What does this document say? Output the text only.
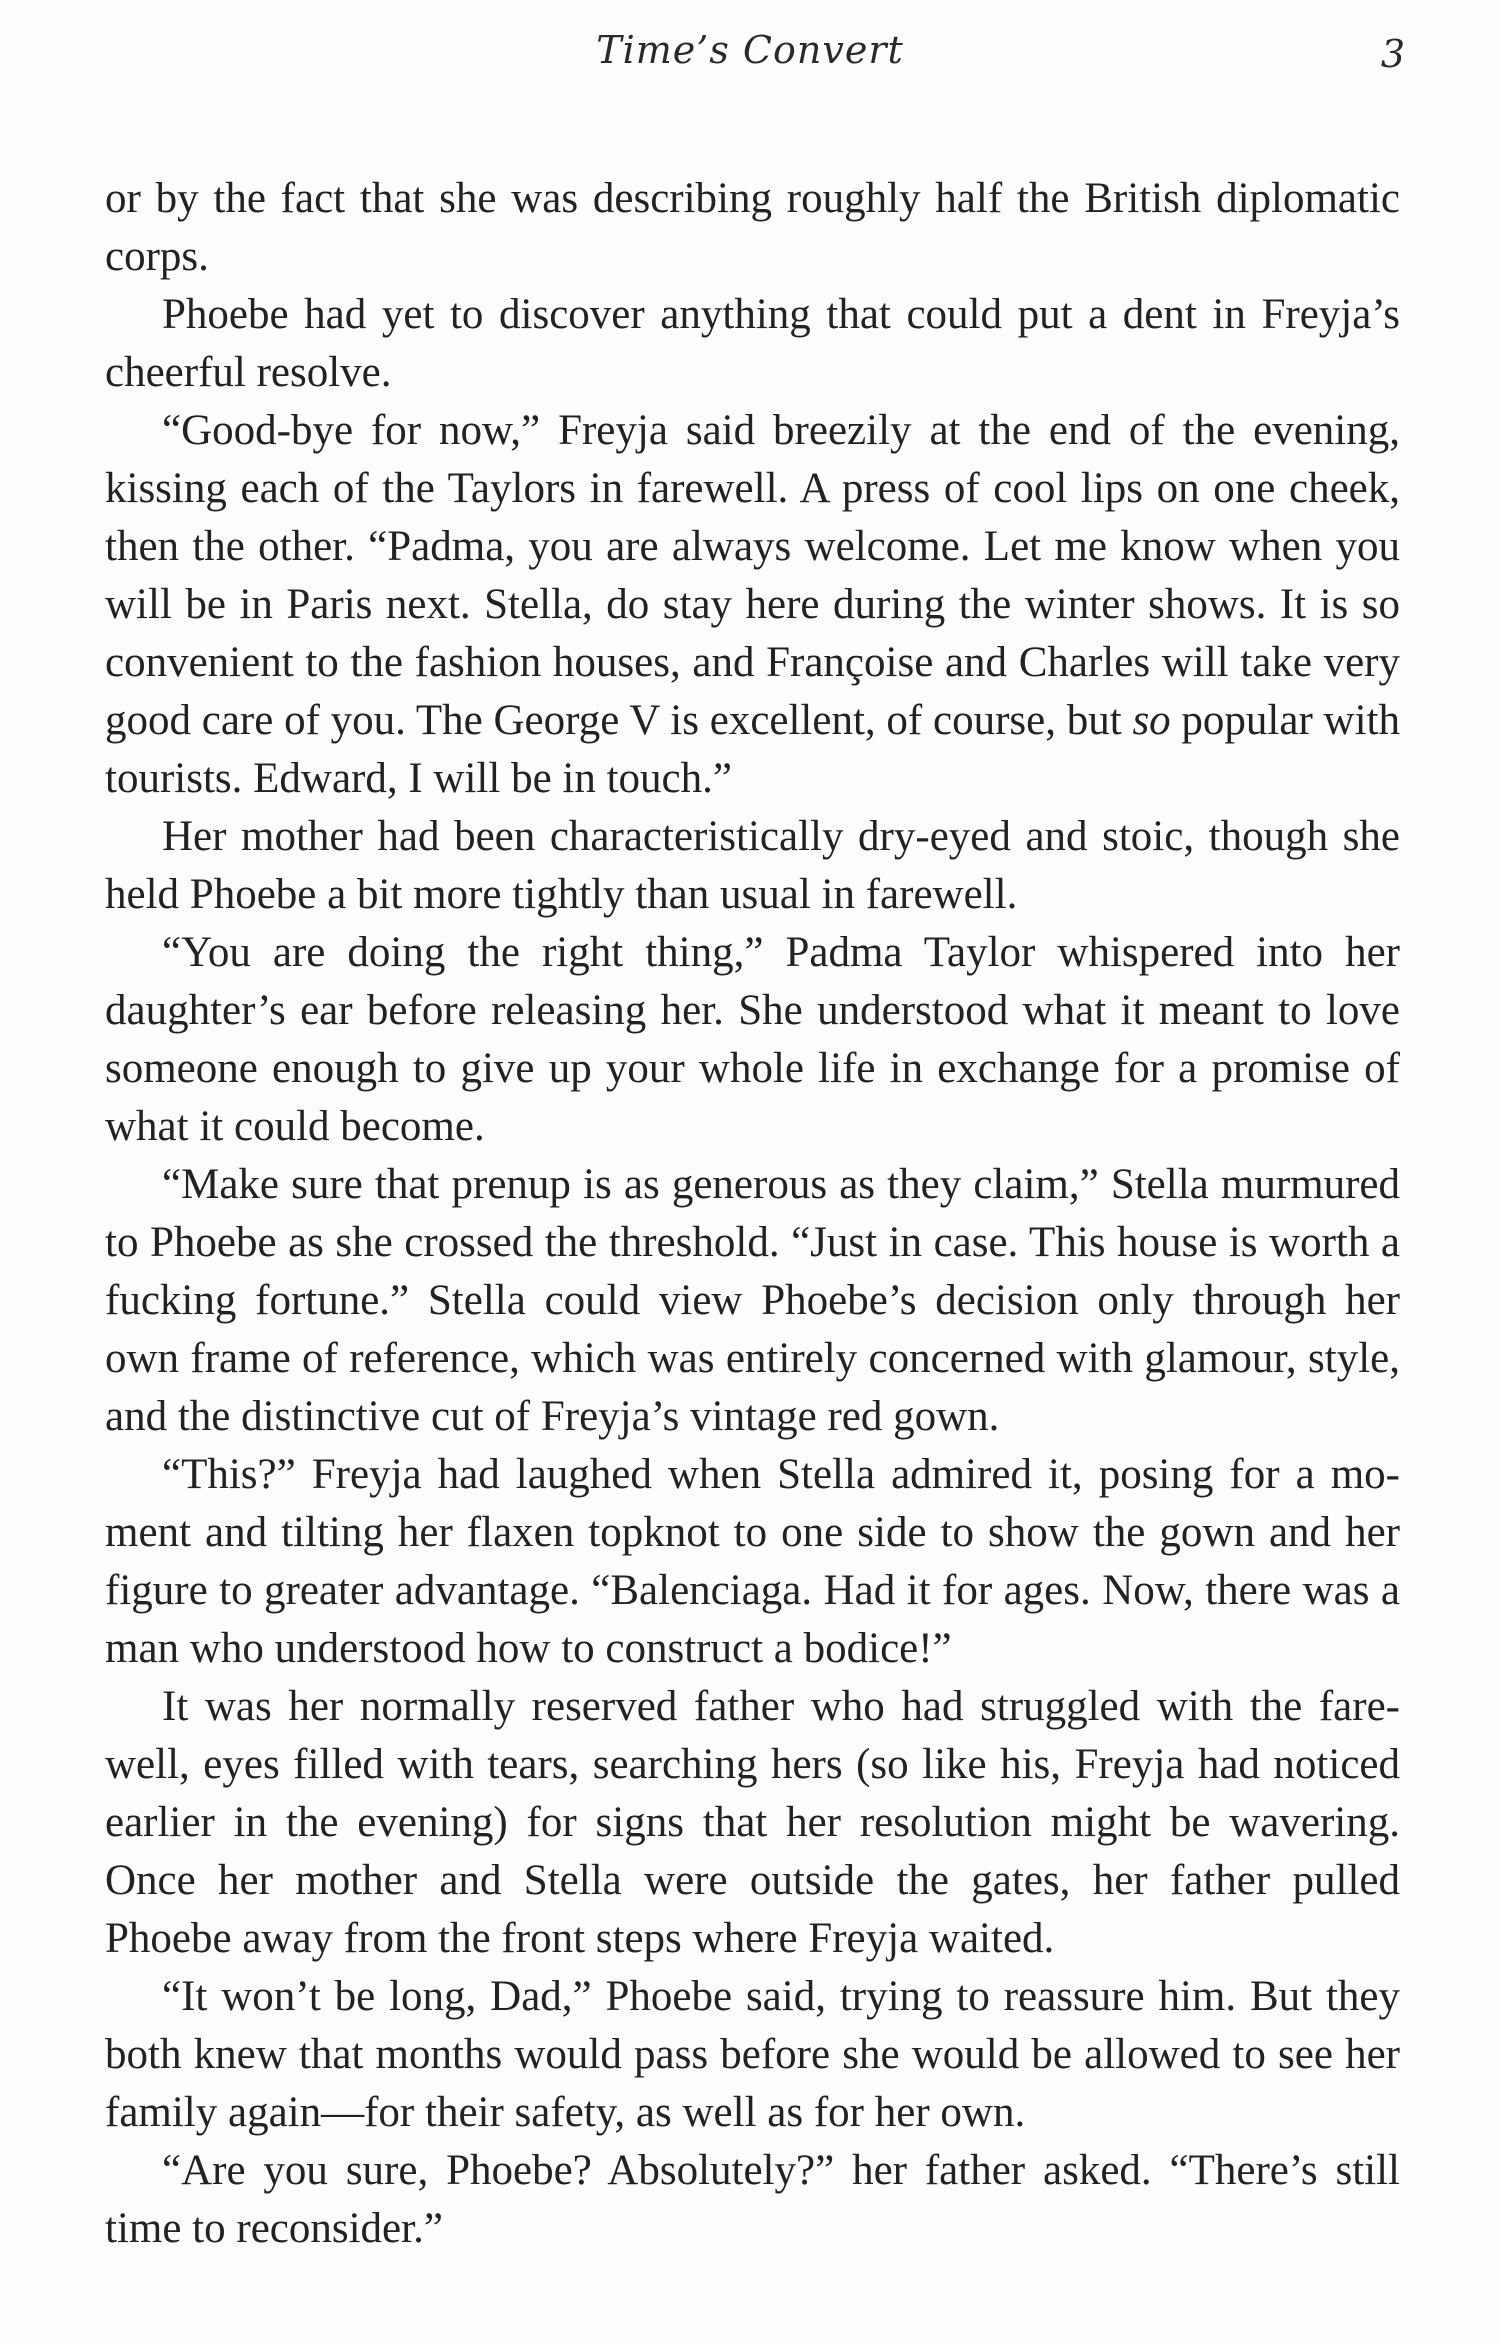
Time’s Convert	3

or by the fact that she was describing roughly half the British diplomatic corps.

Phoebe had yet to discover anything that could put a dent in Freyja’s cheerful resolve.

“Good-bye for now,” Freyja said breezily at the end of the evening, kissing each of the Taylors in farewell. A press of cool lips on one cheek, then the other. “Padma, you are always welcome. Let me know when you will be in Paris next. Stella, do stay here during the winter shows. It is so convenient to the fashion houses, and Françoise and Charles will take very good care of you. The George V is excellent, of course, but so popular with tourists. Edward, I will be in touch.”

Her mother had been characteristically dry-eyed and stoic, though she held Phoebe a bit more tightly than usual in farewell.

“You are doing the right thing,” Padma Taylor whispered into her daughter’s ear before releasing her. She understood what it meant to love someone enough to give up your whole life in exchange for a promise of what it could become.

“Make sure that prenup is as generous as they claim,” Stella murmured to Phoebe as she crossed the threshold. “Just in case. This house is worth a fucking fortune.” Stella could view Phoebe’s decision only through her own frame of reference, which was entirely concerned with glamour, style, and the distinctive cut of Freyja’s vintage red gown.

“This?” Freyja had laughed when Stella admired it, posing for a moment and tilting her flaxen topknot to one side to show the gown and her figure to greater advantage. “Balenciaga. Had it for ages. Now, there was a man who understood how to construct a bodice!”

It was her normally reserved father who had struggled with the farewell, eyes filled with tears, searching hers (so like his, Freyja had noticed earlier in the evening) for signs that her resolution might be wavering. Once her mother and Stella were outside the gates, her father pulled Phoebe away from the front steps where Freyja waited.

“It won’t be long, Dad,” Phoebe said, trying to reassure him. But they both knew that months would pass before she would be allowed to see her family again—for their safety, as well as for her own.

“Are you sure, Phoebe? Absolutely?” her father asked. “There’s still time to reconsider.”
